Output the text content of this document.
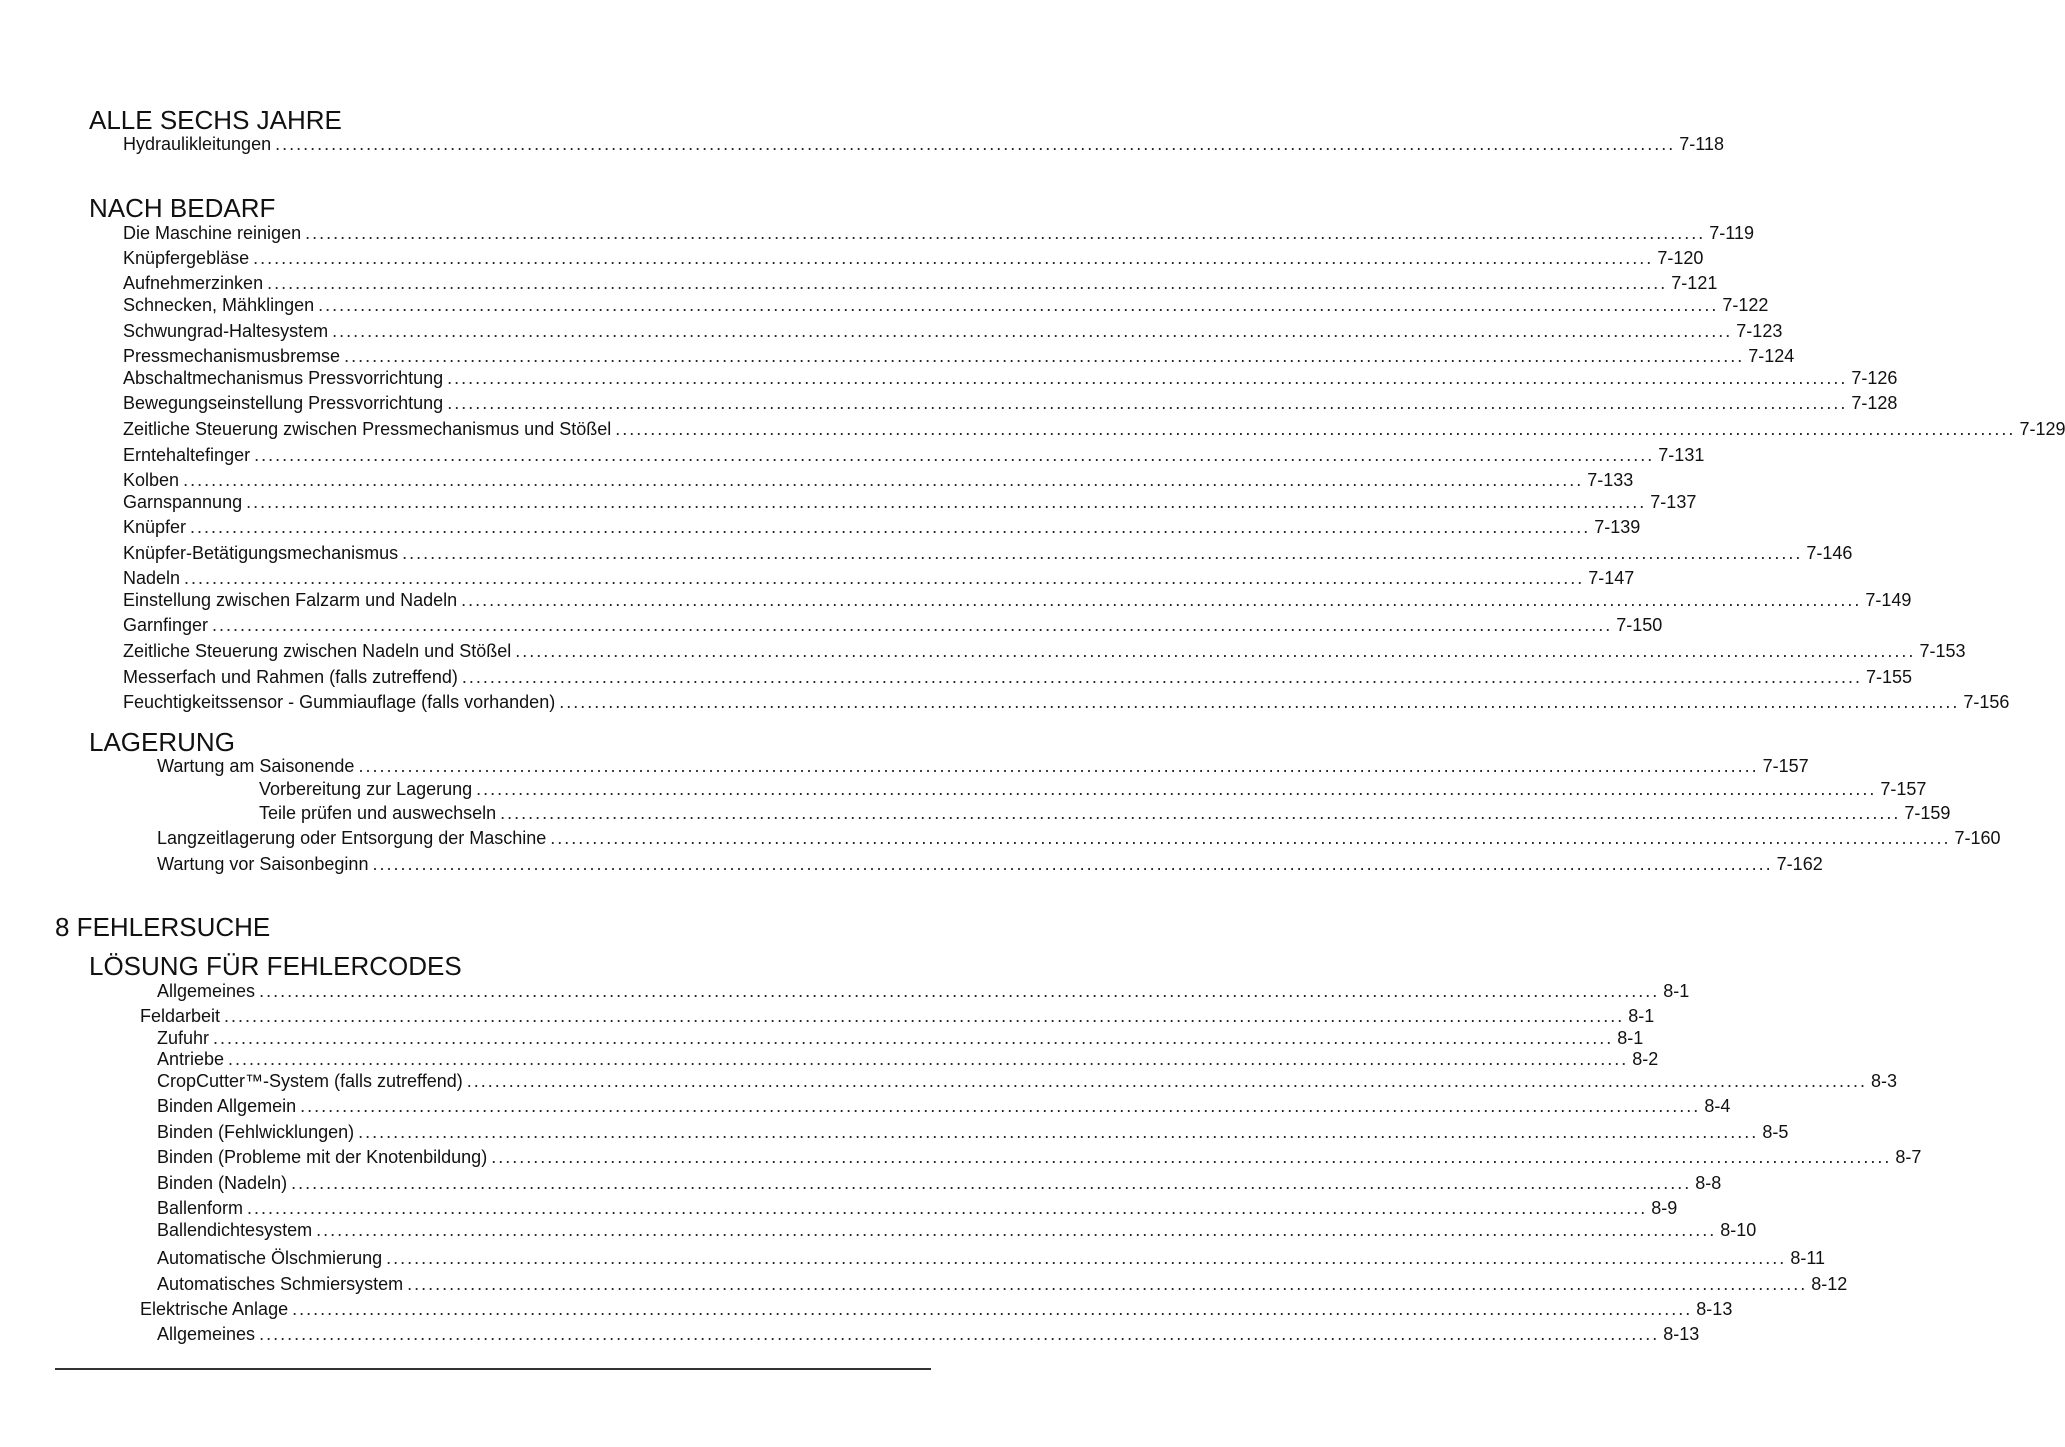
ALLE SECHS JAHRE
Hydraulikleitungen ........................................................................................................................................................................................................ 7-118
NACH BEDARF
Die Maschine reinigen ........................................................................................................................................................................................................ 7-119
Knüpfergebläse ........................................................................................................................................................................................................ 7-120
Aufnehmerzinken ........................................................................................................................................................................................................ 7-121
Schnecken, Mähklingen ........................................................................................................................................................................................................ 7-122
Schwungrad-Haltesystem ........................................................................................................................................................................................................ 7-123
Pressmechanismusbremse ........................................................................................................................................................................................................ 7-124
Abschaltmechanismus Pressvorrichtung ........................................................................................................................................................................................................ 7-126
Bewegungseinstellung Pressvorrichtung ........................................................................................................................................................................................................ 7-128
Zeitliche Steuerung zwischen Pressmechanismus und Stößel ........................................................................................................................................................................................................ 7-129
Erntehaltefinger ........................................................................................................................................................................................................ 7-131
Kolben ........................................................................................................................................................................................................ 7-133
Garnspannung ........................................................................................................................................................................................................ 7-137
Knüpfer ........................................................................................................................................................................................................ 7-139
Knüpfer-Betätigungsmechanismus ........................................................................................................................................................................................................ 7-146
Nadeln ........................................................................................................................................................................................................ 7-147
Einstellung zwischen Falzarm und Nadeln ........................................................................................................................................................................................................ 7-149
Garnfinger ........................................................................................................................................................................................................ 7-150
Zeitliche Steuerung zwischen Nadeln und Stößel ........................................................................................................................................................................................................ 7-153
Messerfach und Rahmen (falls zutreffend) ........................................................................................................................................................................................................ 7-155
Feuchtigkeitssensor - Gummiauflage (falls vorhanden) ........................................................................................................................................................................................................ 7-156
LAGERUNG
Wartung am Saisonende ........................................................................................................................................................................................................ 7-157
Vorbereitung zur Lagerung ........................................................................................................................................................................................................ 7-157
Teile prüfen und auswechseln ........................................................................................................................................................................................................ 7-159
Langzeitlagerung oder Entsorgung der Maschine ........................................................................................................................................................................................................ 7-160
Wartung vor Saisonbeginn ........................................................................................................................................................................................................ 7-162
8 FEHLERSUCHE
LÖSUNG FÜR FEHLERCODES
Allgemeines ........................................................................................................................................................................................................ 8-1
Feldarbeit ........................................................................................................................................................................................................ 8-1
Zufuhr ........................................................................................................................................................................................................ 8-1
Antriebe ........................................................................................................................................................................................................ 8-2
CropCutter™-System (falls zutreffend) ........................................................................................................................................................................................................ 8-3
Binden Allgemein ........................................................................................................................................................................................................ 8-4
Binden (Fehlwicklungen) ........................................................................................................................................................................................................ 8-5
Binden (Probleme mit der Knotenbildung) ........................................................................................................................................................................................................ 8-7
Binden (Nadeln) ........................................................................................................................................................................................................ 8-8
Ballenform ........................................................................................................................................................................................................ 8-9
Ballendichtesystem ........................................................................................................................................................................................................ 8-10
Automatische Ölschmierung ........................................................................................................................................................................................................ 8-11
Automatisches Schmiersystem ........................................................................................................................................................................................................ 8-12
Elektrische Anlage ........................................................................................................................................................................................................ 8-13
Allgemeines ........................................................................................................................................................................................................ 8-13
